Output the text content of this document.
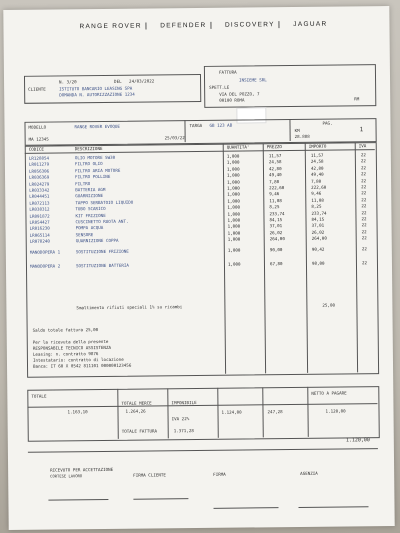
RANGE ROVER	DEFENDER	DISCOVERY	JAGUAR
FATTURA
INSIEME SRL
N. 3/20	DEL 24/03/2022
CLIENTE	ISTITUTO BANCARIO LEASING SPA
DOMANDA N. AUTORIZZAZIONE 1234	VIA DEL POZZO, 7
00100 ROMA
SPETT.LE
RM
MODELLO	RANGE ROVER EVOQUE	TARGA GB 123 AB	PAG.
1
KM
28.888
25/03/22
MA 12345
CODICE	DESCRIZIONE	QUANTITA'	PREZZO	IMPORTO	IVA
LR128854	OLIO MOTORE 5W30	1,000	11,57	11,57	22
LR011279	FILTRO OLIO	1,000	24,58	24,58	22
LR056306	FILTRO ARIA MOTORE	1,000	42,80	42,80	22
LR036369	FILTRO POLLINE	1,000	49,40	49,40	22
LR024279	FILTRO	1,000	7,80	7,80	22
LR033342	BATTERIA AGM	1,000	222,60	222,60	22
LR044451	GUARNIZIONE	1,000	9,46	9,46	22
LR072113	TAPPO SERBATOIO LIQUIDO	1,000	11,08	11,08	22
LR038312	TUBO SCARICO	1,000	8,25	8,25	22
LR091872	KIT FRIZIONE	1,000	233,74	233,74	22
LR054427	CUSCINETTO RUOTA ANT.	1,000	84,15	84,15	22
LR016230	POMPA ACQUA	1,000	37,01	37,01	22
LR065114	SENSORE	1,000	26,02	26,02	22
LR078240	GUARNIZIONE COPPA	1,000	264,00	264,00	22
MANODOPERA 1	SOSTITUZIONE FRIZIONE	1,000	90,00	90,42	22
MANODOPERA 2	SOSTITUZIONE BATTERIA	1,000	67,80	98,00	22
Smaltimento rifiuti speciali 1% su ricambi	25,00
Saldo totale fattura 25,00
Per la ricevuta della presente
RESPONSABILE TECNICO ASSISTENZA
Leasing: n. contratto 9876
Intestatario: contratto di locazione
Banca: IT 60 X 0542 811101 000000123456
TOTALE
1.163,10
TOTALE MERCE
1.264,26
IMPONIBILE
1.124,00
IVA 22%
247,28
TOTALE FATTURA	1.371,28
NETTO A PAGARE
1.120,00
1.120,00
RICEVUTO PER ACCETTAZIONE
CORTESE LAVORO	FIRMA CLIENTE	FIRMA	AGENZIA
